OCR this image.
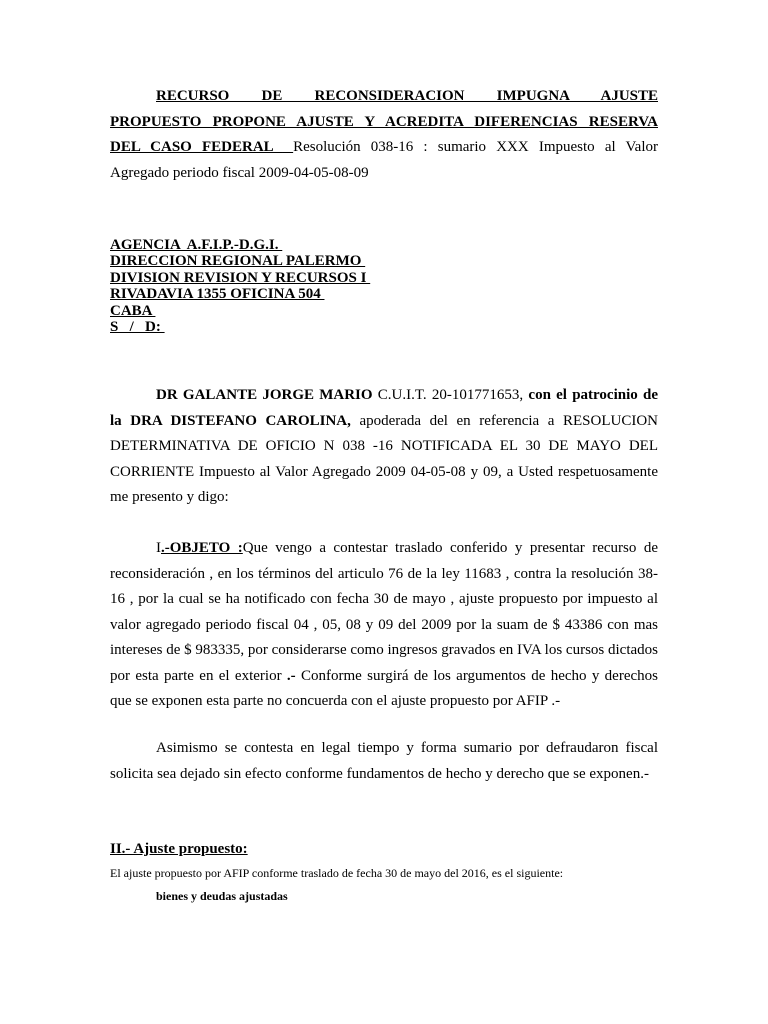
RECURSO DE RECONSIDERACION IMPUGNA AJUSTE
PROPUESTO PROPONE AJUSTE Y ACREDITA DIFERENCIAS RESERVA
DEL CASO FEDERAL  Resolución 038-16 : sumario XXX Impuesto al Valor
Agregado periodo fiscal 2009-04-05-08-09
AGENCIA  A.F.I.P.-D.G.I.
DIRECCION REGIONAL PALERMO
DIVISION REVISION Y RECURSOS I
RIVADAVIA 1355 OFICINA 504
CABA
S   /   D:
DR GALANTE JORGE MARIO C.U.I.T. 20-101771653, con el patrocinio de la DRA DISTEFANO CAROLINA, apoderada del en referencia a RESOLUCION DETERMINATIVA DE OFICIO N 038 -16 NOTIFICADA EL 30 DE MAYO DEL CORRIENTE Impuesto al Valor Agregado 2009 04-05-08 y 09, a Usted respetuosamente me presento y digo:
I.-OBJETO :Que vengo a contestar traslado conferido y presentar recurso de reconsideración , en los términos del articulo 76 de la ley 11683 , contra la resolución 38-16 , por la cual se ha notificado con fecha 30 de mayo , ajuste propuesto por impuesto al valor agregado periodo fiscal 04 , 05, 08 y 09 del 2009 por la suam de $ 43386 con mas intereses de $ 983335, por considerarse como ingresos gravados en IVA los cursos dictados por esta parte en el exterior .- Conforme surgirá de los argumentos de hecho y derechos que se exponen esta parte no concuerda con el ajuste propuesto por AFIP .-
Asimismo se contesta en legal tiempo y forma sumario por defraudaron fiscal solicita sea dejado sin efecto conforme fundamentos de hecho y derecho que se exponen.-
II.- Ajuste propuesto:
El ajuste propuesto por AFIP conforme traslado de fecha 30 de mayo del 2016, es el siguiente:
bienes y deudas ajustadas
